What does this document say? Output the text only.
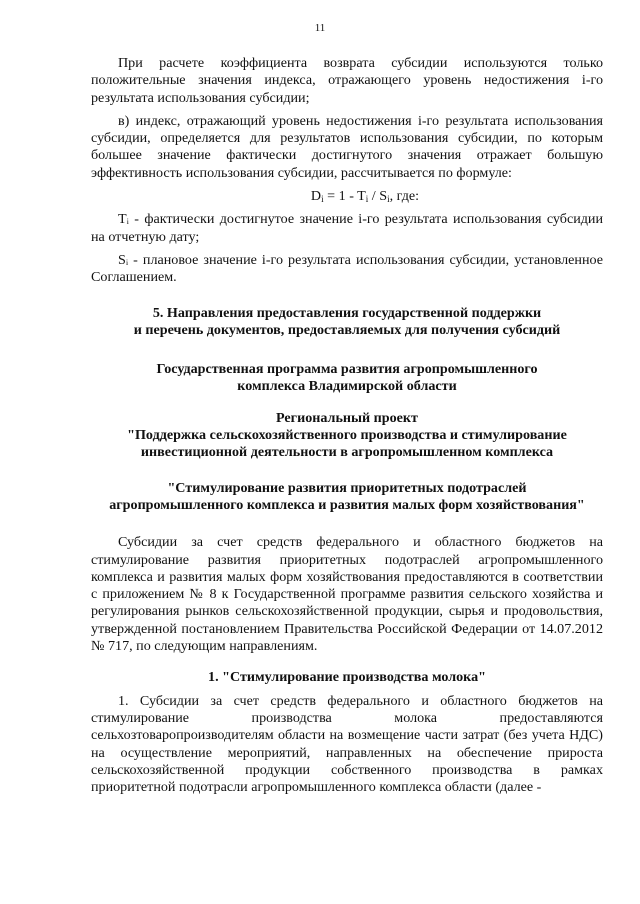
11

При расчете коэффициента возврата субсидии используются только положительные значения индекса, отражающего уровень недостижения i-го результата использования субсидии;

в) индекс, отражающий уровень недостижения i-го результата использования субсидии, определяется для результатов использования субсидии, по которым большее значение фактически достигнутого значения отражает большую эффективность использования субсидии, рассчитывается по формуле:

$D_i = 1 - T_i / S_i$, где:

Tᵢ - фактически достигнутое значение i-го результата использования субсидии на отчетную дату;

Sᵢ - плановое значение i-го результата использования субсидии, установленное Соглашением.

5. Направления предоставления государственной поддержки
и перечень документов, предоставляемых для получения субсидий
Государственная программа развития агропромышленного
комплекса Владимирской области
Региональный проект
"Поддержка сельскохозяйственного производства и стимулирование
инвестиционной деятельности в агропромышленном комплекса
"Стимулирование развития приоритетных подотраслей
агропромышленного комплекса и развития малых форм хозяйствования"

Субсидии за счет средств федерального и областного бюджетов на стимулирование развития приоритетных подотраслей агропромышленного комплекса и развития малых форм хозяйствования предоставляются в соответствии с приложением № 8 к Государственной программе развития сельского хозяйства и регулирования рынков сельскохозяйственной продукции, сырья и продовольствия, утвержденной постановлением Правительства Российской Федерации от 14.07.2012 № 717, по следующим направлениям.

1. "Стимулирование производства молока"

1. Субсидии за счет средств федерального и областного бюджетов на стимулирование производства молока предоставляются сельхозтоваропроизводителям области на возмещение части затрат (без учета НДС) на осуществление мероприятий, направленных на обеспечение прироста сельскохозяйственной продукции собственного производства в рамках приоритетной подотрасли агропромышленного комплекса области (далее -
